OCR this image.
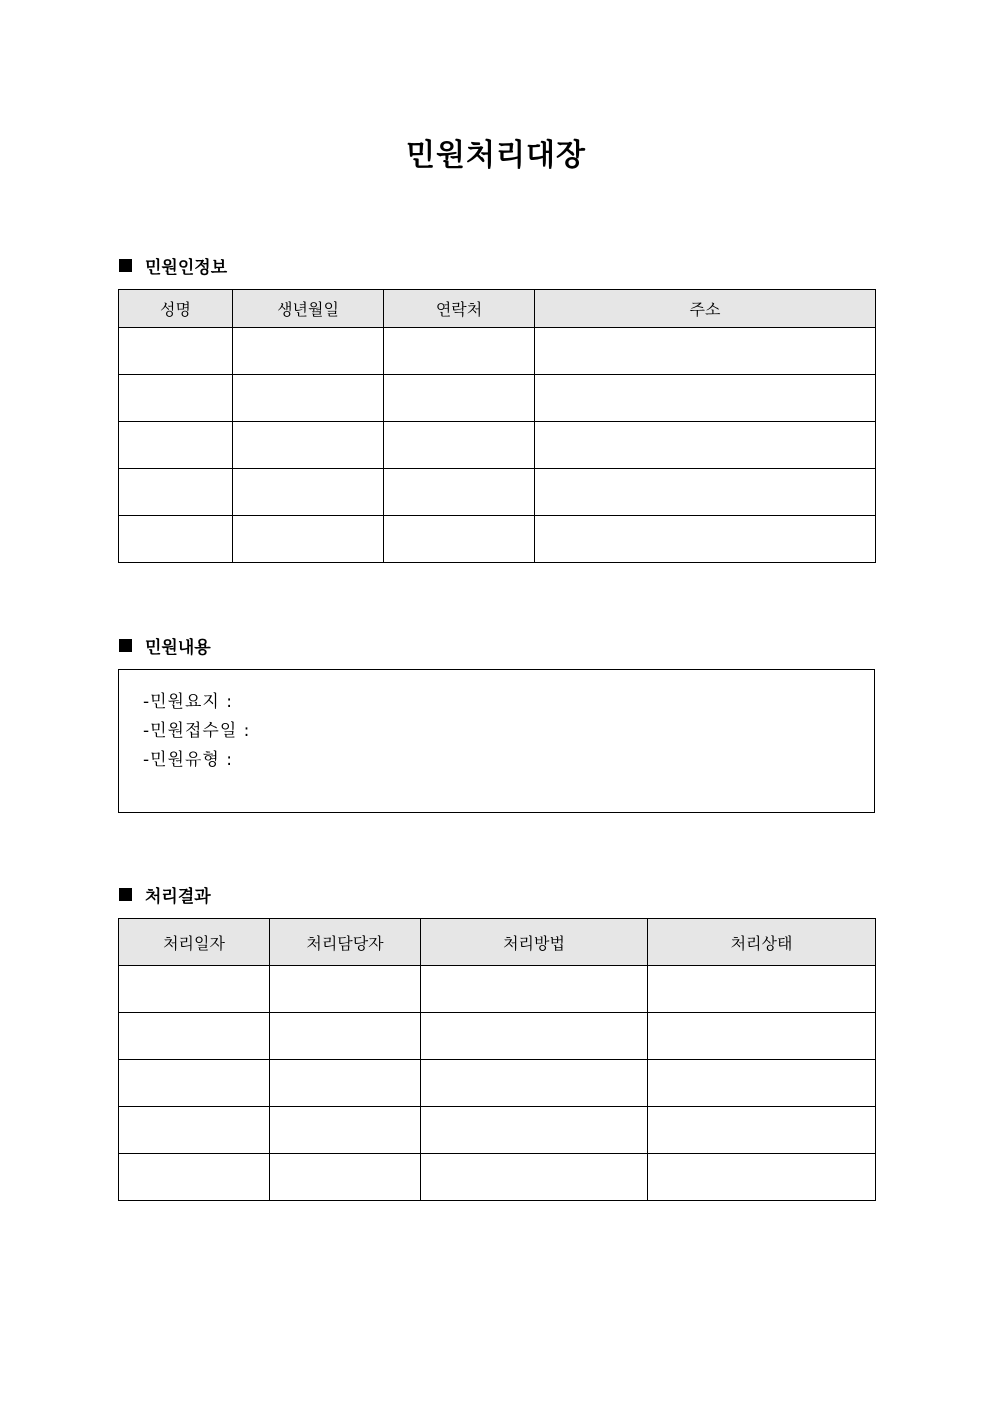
민원처리대장
민원인정보
성명	생년월일	연락처	주소

민원내용
-민원요지 :
-민원접수일 :
-민원유형 :
처리결과
처리일자	처리담당자	처리방법	처리상태
